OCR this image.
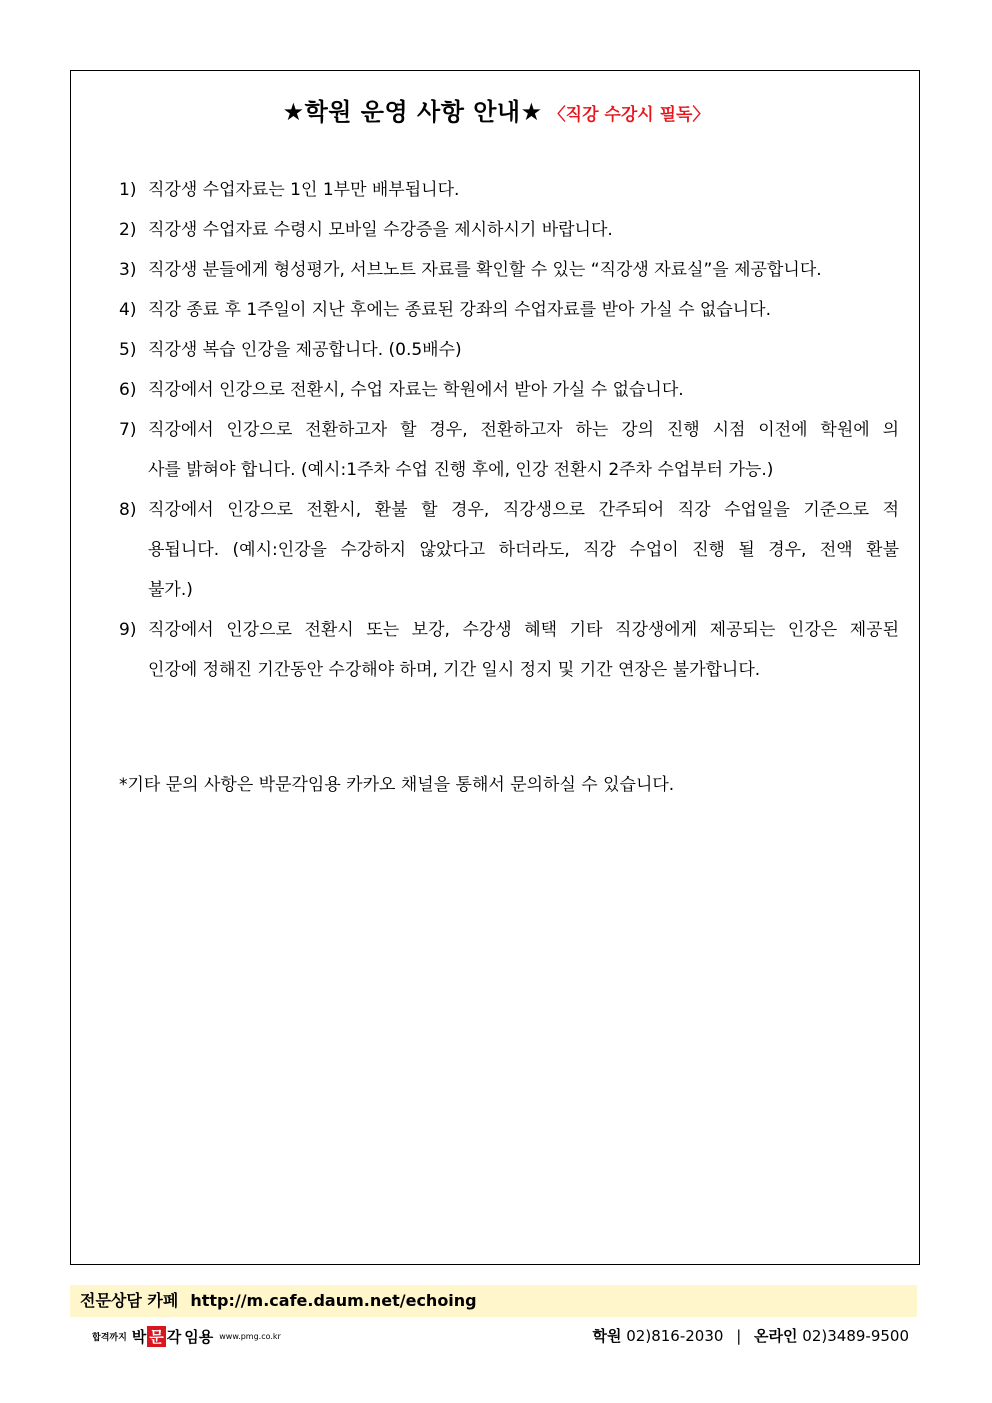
★학원 운영 사항 안내★ 〈직강 수강시 필독〉
1) 직강생 수업자료는 1인 1부만 배부됩니다.
2) 직강생 수업자료 수령시 모바일 수강증을 제시하시기 바랍니다.
3) 직강생 분들에게 형성평가, 서브노트 자료를 확인할 수 있는 “직강생 자료실”을 제공합니다.
4) 직강 종료 후 1주일이 지난 후에는 종료된 강좌의 수업자료를 받아 가실 수 없습니다.
5) 직강생 복습 인강을 제공합니다. (0.5배수)
6) 직강에서 인강으로 전환시, 수업 자료는 학원에서 받아 가실 수 없습니다.
7) 직강에서 인강으로 전환하고자 할 경우, 전환하고자 하는 강의 진행 시점 이전에 학원에 의
사를 밝혀야 합니다. (예시:1주차 수업 진행 후에, 인강 전환시 2주차 수업부터 가능.)
8) 직강에서 인강으로 전환시, 환불 할 경우, 직강생으로 간주되어 직강 수업일을 기준으로 적
용됩니다. (예시:인강을 수강하지 않았다고 하더라도, 직강 수업이 진행 될 경우, 전액 환불
불가.)
9) 직강에서 인강으로 전환시 또는 보강, 수강생 혜택 기타 직강생에게 제공되는 인강은 제공된
인강에 정해진 기간동안 수강해야 하며, 기간 일시 정지 및 기간 연장은 불가합니다.
*기타 문의 사항은 박문각임용 카카오 채널을 통해서 문의하실 수 있습니다.
전문상담 카페 http://m.cafe.daum.net/echoing
합격까지 박 문 각 임용 www.pmg.co.kr	학원 02)816-2030 | 온라인 02)3489-9500
